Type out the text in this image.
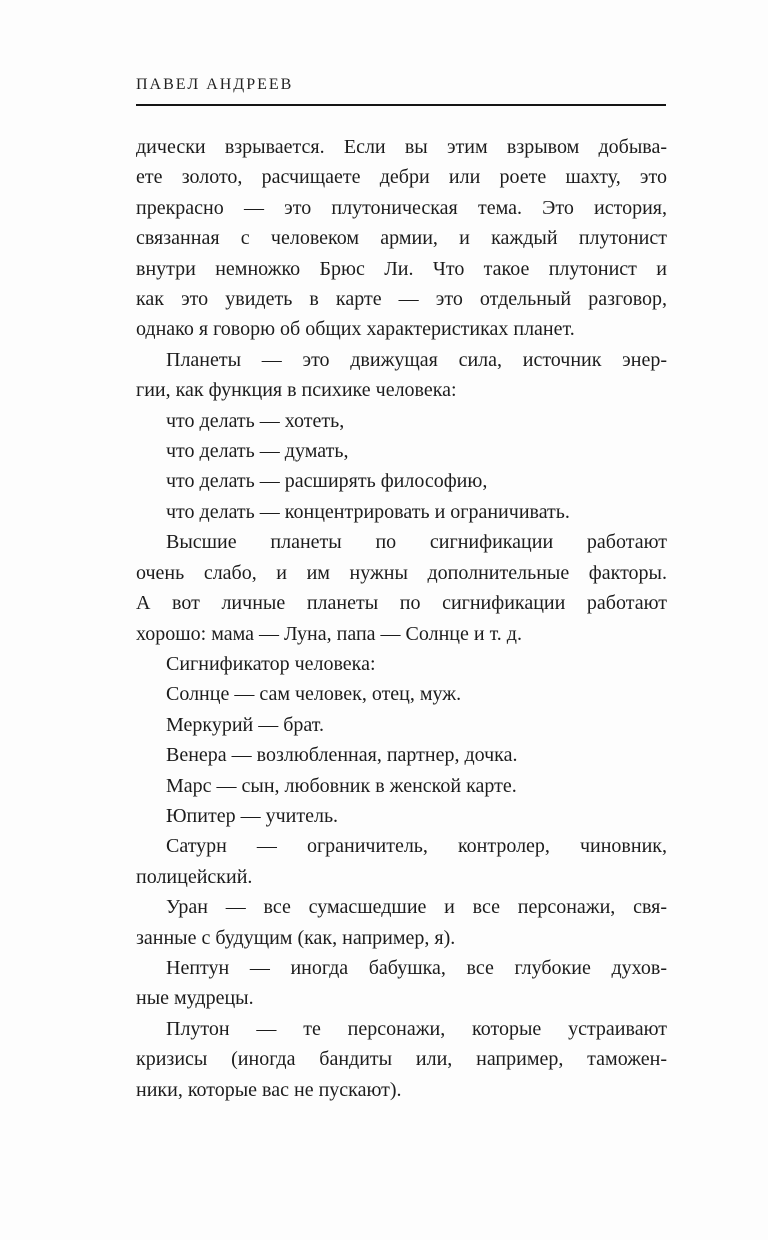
ПАВЕЛ АНДРЕЕВ
дически взрывается. Если вы этим взрывом добыва-
ете золото, расчищаете дебри или роете шахту, это
прекрасно — это плутоническая тема. Это история,
связанная с человеком армии, и каждый плутонист
внутри немножко Брюс Ли. Что такое плутонист и
как это увидеть в карте — это отдельный разговор,
однако я говорю об общих характеристиках планет.
Планеты — это движущая сила, источник энер-
гии, как функция в психике человека:
что делать — хотеть,
что делать — думать,
что делать — расширять философию,
что делать — концентрировать и ограничивать.
Высшие планеты по сигнификации работают
очень слабо, и им нужны дополнительные факторы.
А вот личные планеты по сигнификации работают
хорошо: мама — Луна, папа — Солнце и т. д.
Сигнификатор человека:
Солнце — сам человек, отец, муж.
Меркурий — брат.
Венера — возлюбленная, партнер, дочка.
Марс — сын, любовник в женской карте.
Юпитер — учитель.
Сатурн — ограничитель, контролер, чиновник,
полицейский.
Уран — все сумасшедшие и все персонажи, свя-
занные с будущим (как, например, я).
Нептун — иногда бабушка, все глубокие духов-
ные мудрецы.
Плутон — те персонажи, которые устраивают
кризисы (иногда бандиты или, например, таможен-
ники, которые вас не пускают).
